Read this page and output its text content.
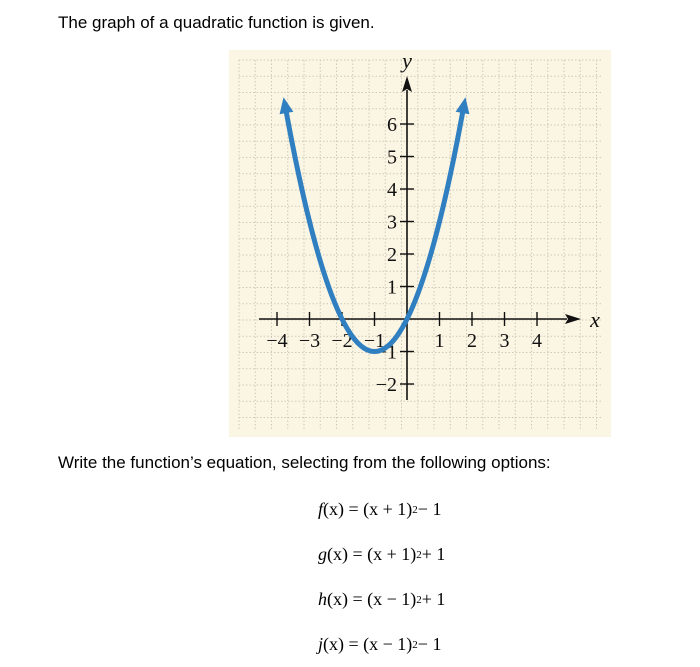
The graph of a quadratic function is given.
−4 −3 −2 −1 1 2 3 4
−2
−1
1
2
3
4
5
6
x
y
Write the function’s equation, selecting from the following options:
f (x) = (x + 1) 2 − 1
g (x) = (x + 1) 2 + 1
h (x) = (x − 1) 2 + 1
j (x) = (x − 1) 2 − 1
